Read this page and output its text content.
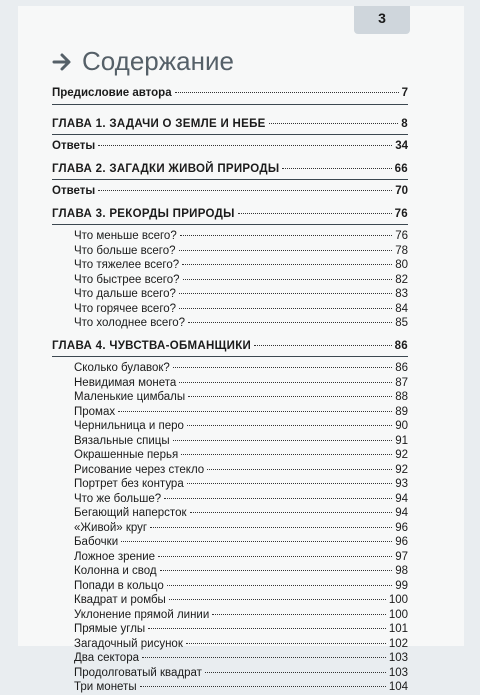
3
Содержание
Предисловие автора	7
ГЛАВА 1. ЗАДАЧИ О ЗЕМЛЕ И НЕБЕ	8
Ответы	34
ГЛАВА 2. ЗАГАДКИ ЖИВОЙ ПРИРОДЫ	66
Ответы	70
ГЛАВА 3. РЕКОРДЫ ПРИРОДЫ	76
Что меньше всего?	76
Что больше всего?	78
Что тяжелее всего?	80
Что быстрее всего?	82
Что дальше всего?	83
Что горячее всего?	84
Что холоднее всего?	85
ГЛАВА 4. ЧУВСТВА-ОБМАНЩИКИ	86
Сколько булавок?	86
Невидимая монета	87
Маленькие цимбалы	88
Промах	89
Чернильница и перо	90
Вязальные спицы	91
Окрашенные перья	92
Рисование через стекло	92
Портрет без контура	93
Что же больше?	94
Бегающий наперсток	94
«Живой» круг	96
Бабочки	96
Ложное зрение	97
Колонна и свод	98
Попади в кольцо	99
Квадрат и ромбы	100
Уклонение прямой линии	100
Прямые углы	101
Загадочный рисунок	102
Два сектора	103
Продолговатый квадрат	103
Три монеты	104
